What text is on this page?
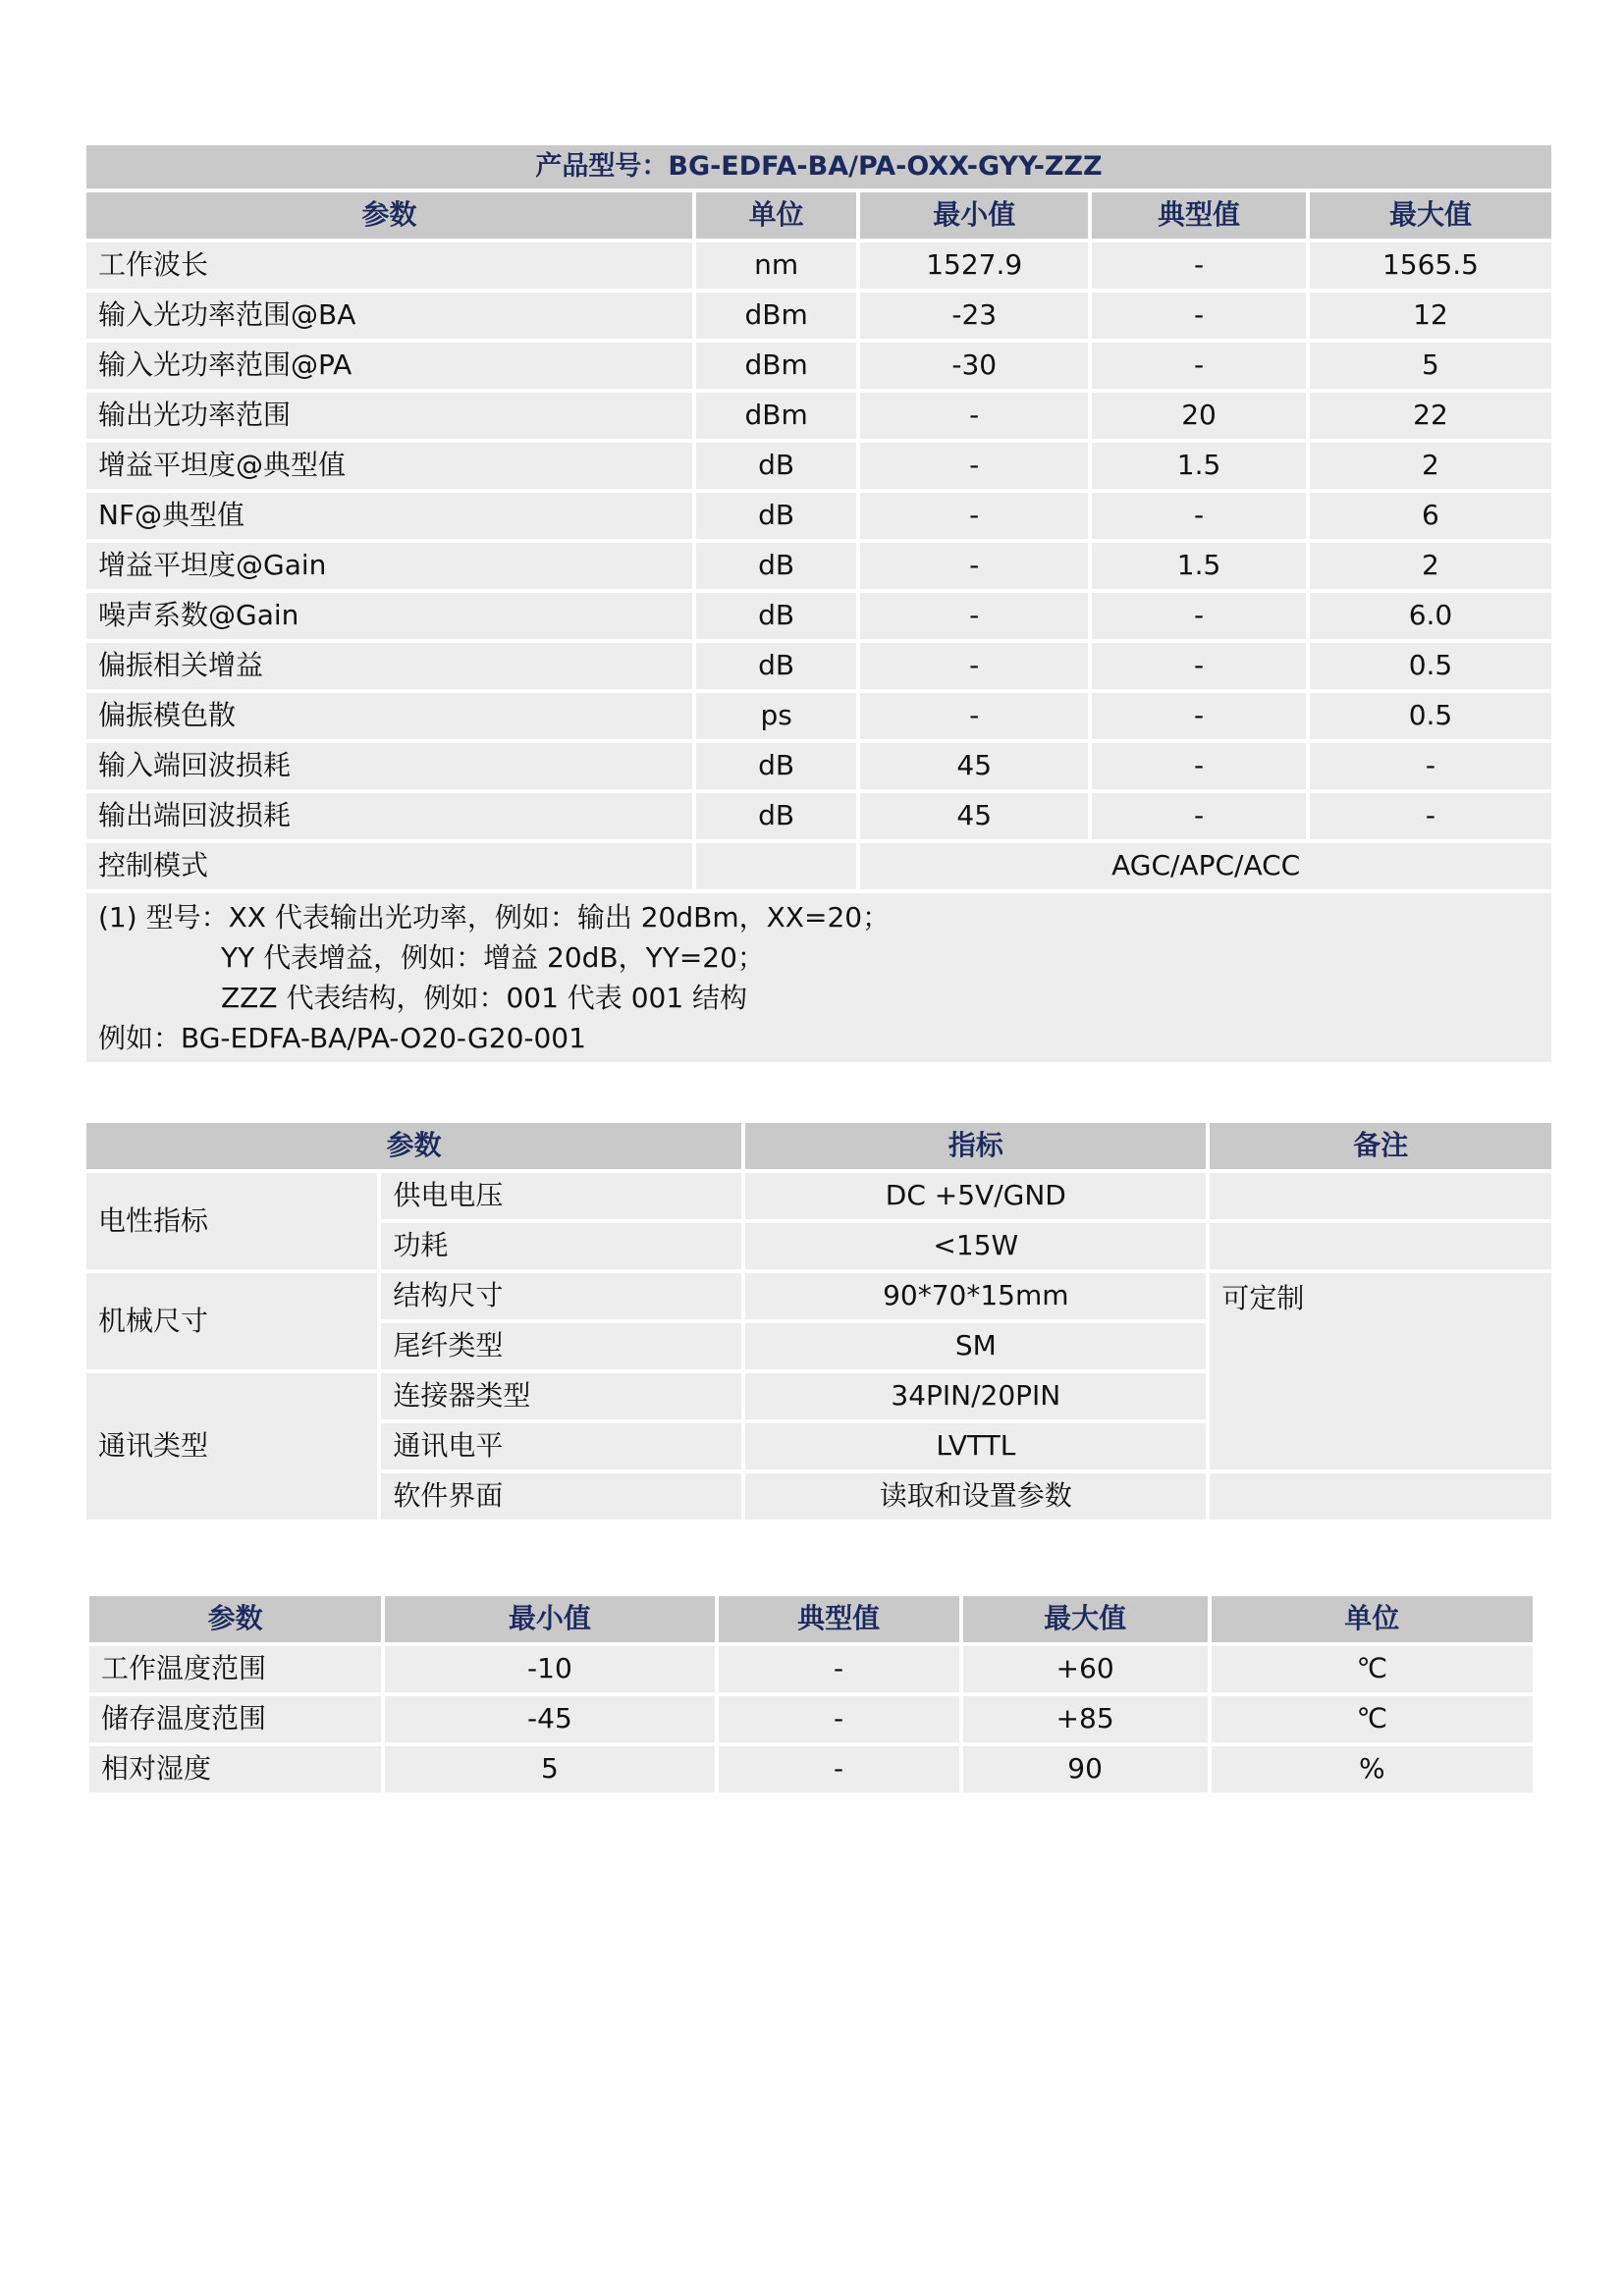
产品型号：BG-EDFA-BA/PA-OXX-GYY-ZZZ				
参数	单位	最小值	典型值	最大值
工作波长	nm	1527.9	-	1565.5
输入光功率范围@BA	dBm	-23	-	12
输入光功率范围@PA	dBm	-30	-	5
输出光功率范围	dBm	-	20	22
增益平坦度@典型值	dB	-	1.5	2
NF@典型值	dB	-	-	6
增益平坦度@Gain	dB	-	1.5	2
噪声系数@Gain	dB	-	-	6.0
偏振相关增益	dB	-	-	0.5
偏振模色散	ps	-	-	0.5
输入端回波损耗	dB	45	-	-
输出端回波损耗	dB	45	-	-
控制模式		AGC/APC/ACC		

(1) 型号：XX 代表输出光功率，例如：输出 20dBm，XX=20；
YY 代表增益，例如：增益 20dB，YY=20；
ZZZ 代表结构，例如：001 代表 001 结构
例如：BG-EDFA-BA/PA-O20-G20-001				
参数		指标	备注
电性指标	供电电压	DC +5V/GND	
	功耗	<15W	
机械尺寸	结构尺寸	90*70*15mm	可定制
	尾纤类型	SM	
通讯类型	连接器类型	34PIN/20PIN	
	通讯电平	LVTTL	
	软件界面	读取和设置参数	
参数	最小值	典型值	最大值	单位
工作温度范围	-10	-	+60	℃
储存温度范围	-45	-	+85	℃
相对湿度	5	-	90	%
